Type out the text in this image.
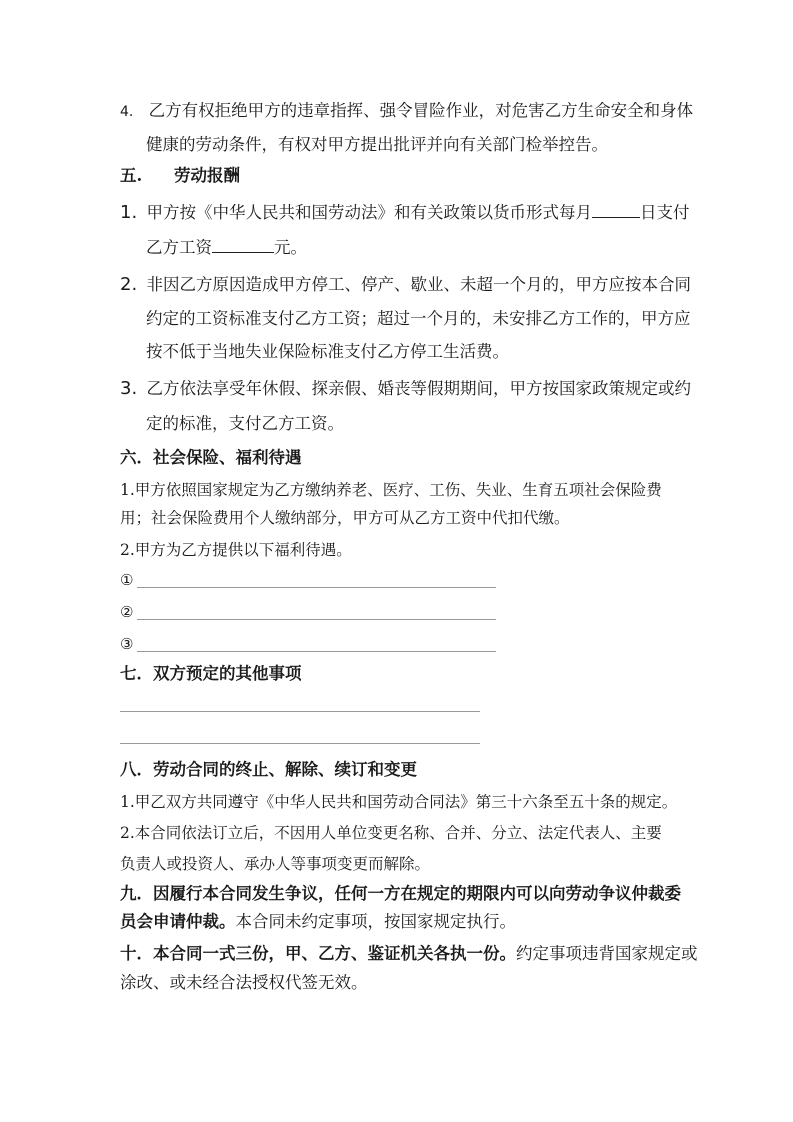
4. 乙方有权拒绝甲方的违章指挥、强令冒险作业，对危害乙方生命安全和身体
健康的劳动条件，有权对甲方提出批评并向有关部门检举控告。
五. 劳动报酬
1. 甲方按《中华人民共和国劳动法》和有关政策以货币形式每月	日支付
乙方工资	元。
2. 非因乙方原因造成甲方停工、停产、歇业、未超一个月的，甲方应按本合同
约定的工资标准支付乙方工资；超过一个月的，未安排乙方工作的，甲方应
按不低于当地失业保险标准支付乙方停工生活费。
3. 乙方依法享受年休假、探亲假、婚丧等假期期间，甲方按国家政策规定或约
定的标准，支付乙方工资。
六．社会保险、福利待遇
1.甲方依照国家规定为乙方缴纳养老、医疗、工伤、失业、生育五项社会保险费
用；社会保险费用个人缴纳部分，甲方可从乙方工资中代扣代缴。
2.甲方为乙方提供以下福利待遇。
①
②
③
七．双方预定的其他事项
八．劳动合同的终止、解除、续订和变更
1.甲乙双方共同遵守《中华人民共和国劳动合同法》第三十六条至五十条的规定。
2.本合同依法订立后，不因用人单位变更名称、合并、分立、法定代表人、主要
负责人或投资人、承办人等事项变更而解除。
九．因履行本合同发生争议，任何一方在规定的期限内可以向劳动争议仲裁委
员会申请仲裁。本合同未约定事项，按国家规定执行。
十．本合同一式三份，甲、乙方、鉴证机关各执一份。约定事项违背国家规定或
涂改、或未经合法授权代签无效。
